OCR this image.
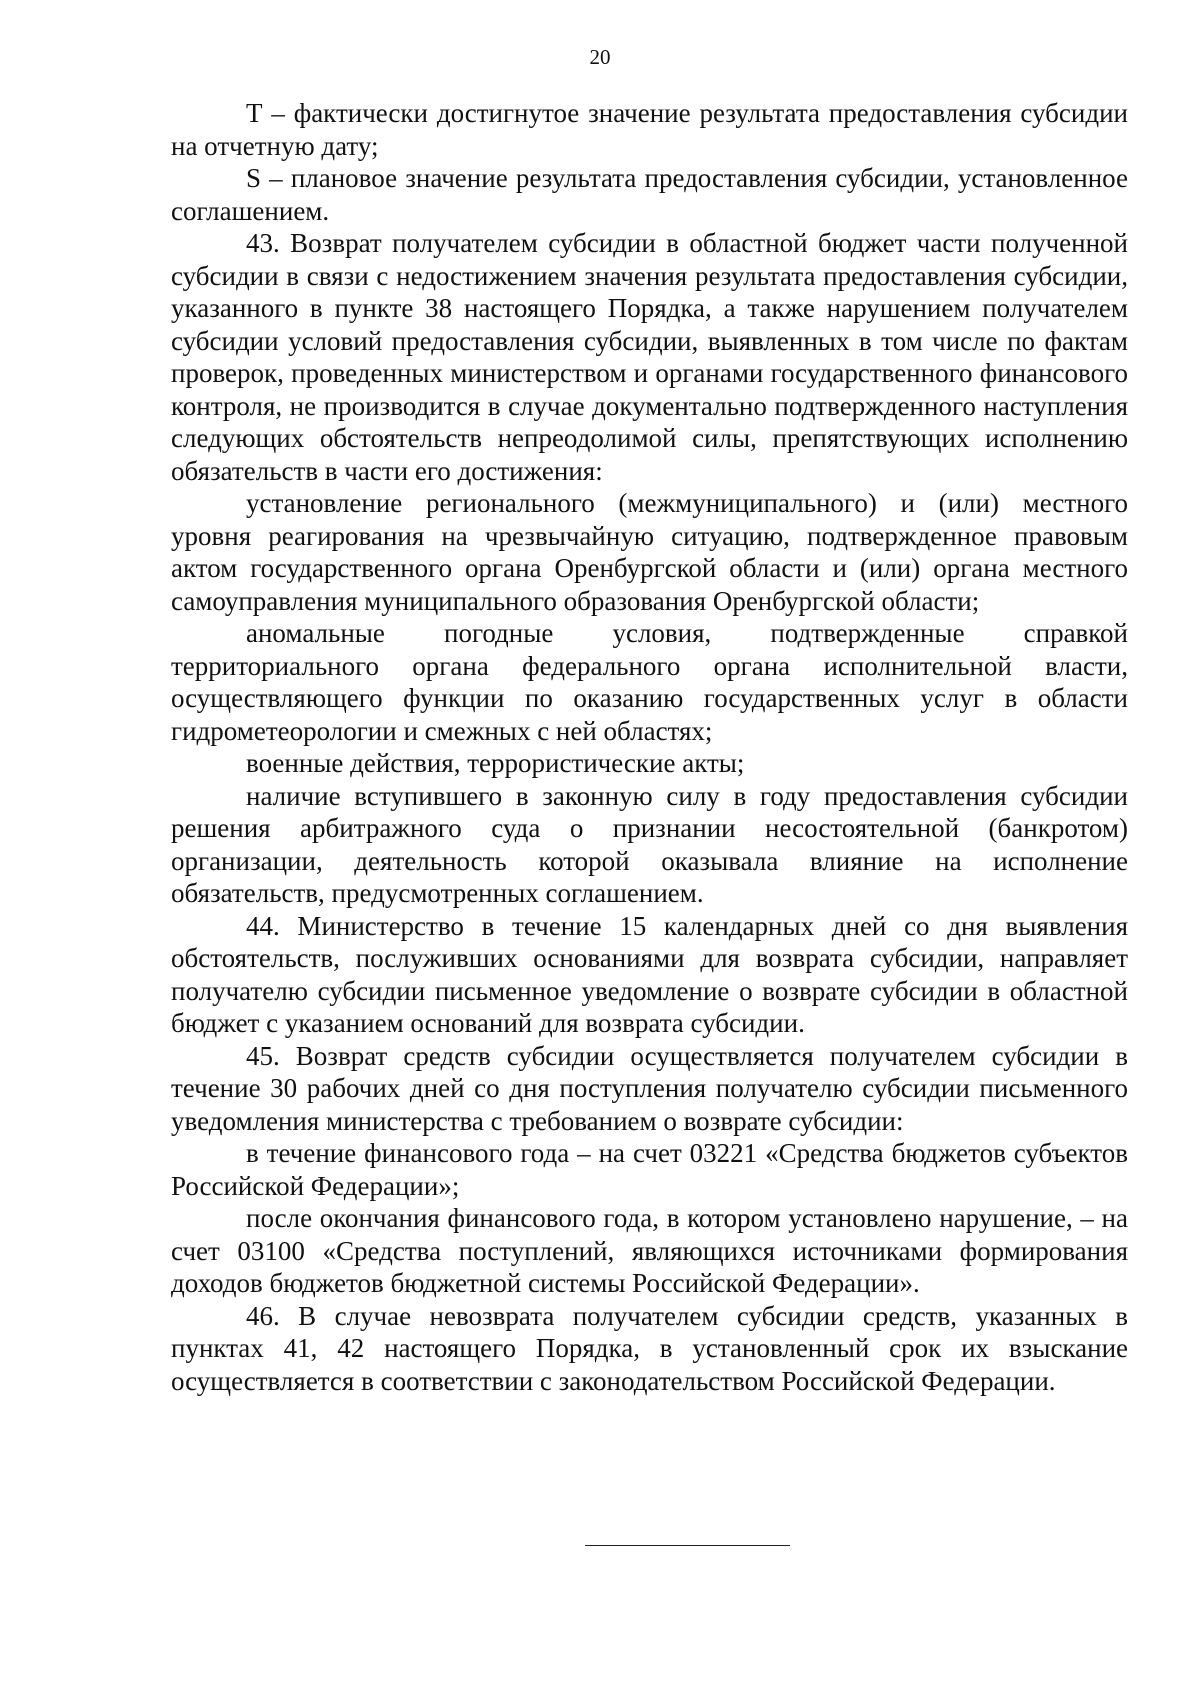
20

Т – фактически достигнутое значение результата предоставления субсидии на отчетную дату;

S – плановое значение результата предоставления субсидии, установленное соглашением.

43. Возврат получателем субсидии в областной бюджет части полученной субсидии в связи с недостижением значения результата предоставления субсидии, указанного в пункте 38 настоящего Порядка, а также нарушением получателем субсидии условий предоставления субсидии, выявленных в том числе по фактам проверок, проведенных министерством и органами государственного финансового контроля, не производится в случае документально подтвержденного наступления следующих обстоятельств непреодолимой силы, препятствующих исполнению обязательств в части его достижения:

установление регионального (межмуниципального) и (или) местного уровня реагирования на чрезвычайную ситуацию, подтвержденное правовым актом государственного органа Оренбургской области и (или) органа местного самоуправления муниципального образования Оренбургской области;

аномальные погодные условия, подтвержденные справкой территориального органа федерального органа исполнительной власти, осуществляющего функции по оказанию государственных услуг в области гидрометеорологии и смежных с ней областях;

военные действия, террористические акты;

наличие вступившего в законную силу в году предоставления субсидии решения арбитражного суда о признании несостоятельной (банкротом) организации, деятельность которой оказывала влияние на исполнение обязательств, предусмотренных соглашением.

44. Министерство в течение 15 календарных дней со дня выявления обстоятельств, послуживших основаниями для возврата субсидии, направляет получателю субсидии письменное уведомление о возврате субсидии в областной бюджет с указанием оснований для возврата субсидии.

45. Возврат средств субсидии осуществляется получателем субсидии в течение 30 рабочих дней со дня поступления получателю субсидии письменного уведомления министерства с требованием о возврате субсидии:

в течение финансового года – на счет 03221 «Средства бюджетов субъектов Российской Федерации»;

после окончания финансового года, в котором установлено нарушение, – на счет 03100 «Средства поступлений, являющихся источниками формирования доходов бюджетов бюджетной системы Российской Федерации».

46. В случае невозврата получателем субсидии средств, указанных в пунктах 41, 42 настоящего Порядка, в установленный срок их взыскание осуществляется в соответствии с законодательством Российской Федерации.
